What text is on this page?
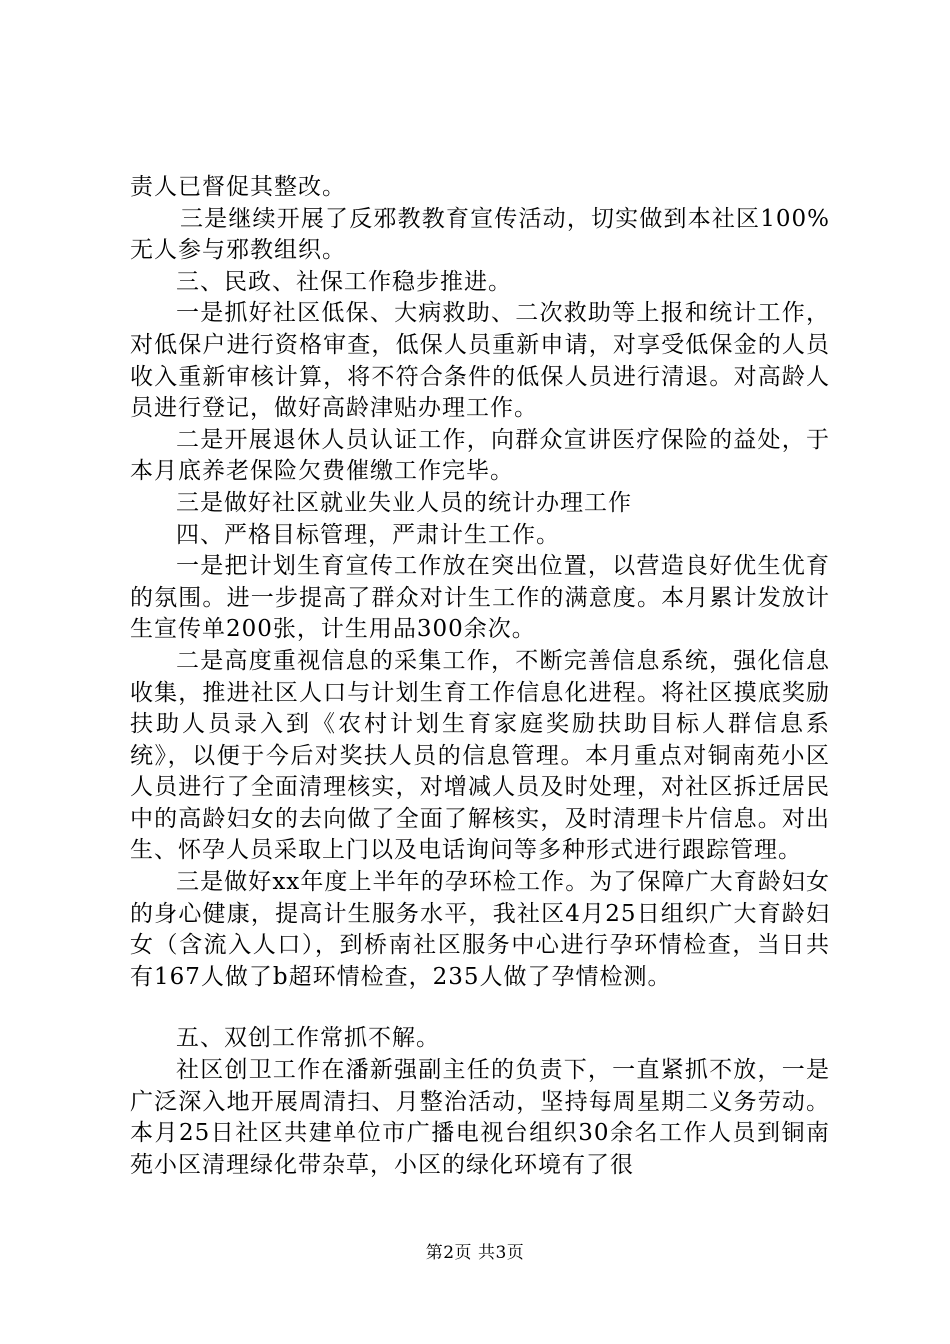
责人已督促其整改。

三是继续开展了反邪教教育宣传活动，切实做到本社区100%无人参与邪教组织。

三、民政、社保工作稳步推进。

一是抓好社区低保、大病救助、二次救助等上报和统计工作，对低保户进行资格审查，低保人员重新申请，对享受低保金的人员收入重新审核计算，将不符合条件的低保人员进行清退。对高龄人员进行登记，做好高龄津贴办理工作。

二是开展退休人员认证工作，向群众宣讲医疗保险的益处，于本月底养老保险欠费催缴工作完毕。

三是做好社区就业失业人员的统计办理工作

四、严格目标管理，严肃计生工作。

一是把计划生育宣传工作放在突出位置，以营造良好优生优育的氛围。进一步提高了群众对计生工作的满意度。本月累计发放计生宣传单200张，计生用品300余次。

二是高度重视信息的采集工作，不断完善信息系统，强化信息收集，推进社区人口与计划生育工作信息化进程。将社区摸底奖励扶助人员录入到《农村计划生育家庭奖励扶助目标人群信息系统》，以便于今后对奖扶人员的信息管理。本月重点对铜南苑小区人员进行了全面清理核实，对增减人员及时处理，对社区拆迁居民中的高龄妇女的去向做了全面了解核实，及时清理卡片信息。对出生、怀孕人员采取上门以及电话询问等多种形式进行跟踪管理。

三是做好xx年度上半年的孕环检工作。为了保障广大育龄妇女的身心健康，提高计生服务水平，我社区4月25日组织广大育龄妇女（含流入人口），到桥南社区服务中心进行孕环情检查，当日共有167人做了b超环情检查，235人做了孕情检测。

五、双创工作常抓不解。

社区创卫工作在潘新强副主任的负责下，一直紧抓不放，一是广泛深入地开展周清扫、月整治活动，坚持每周星期二义务劳动。本月25日社区共建单位市广播电视台组织30余名工作人员到铜南苑小区清理绿化带杂草，小区的绿化环境有了很

第2页 共3页
